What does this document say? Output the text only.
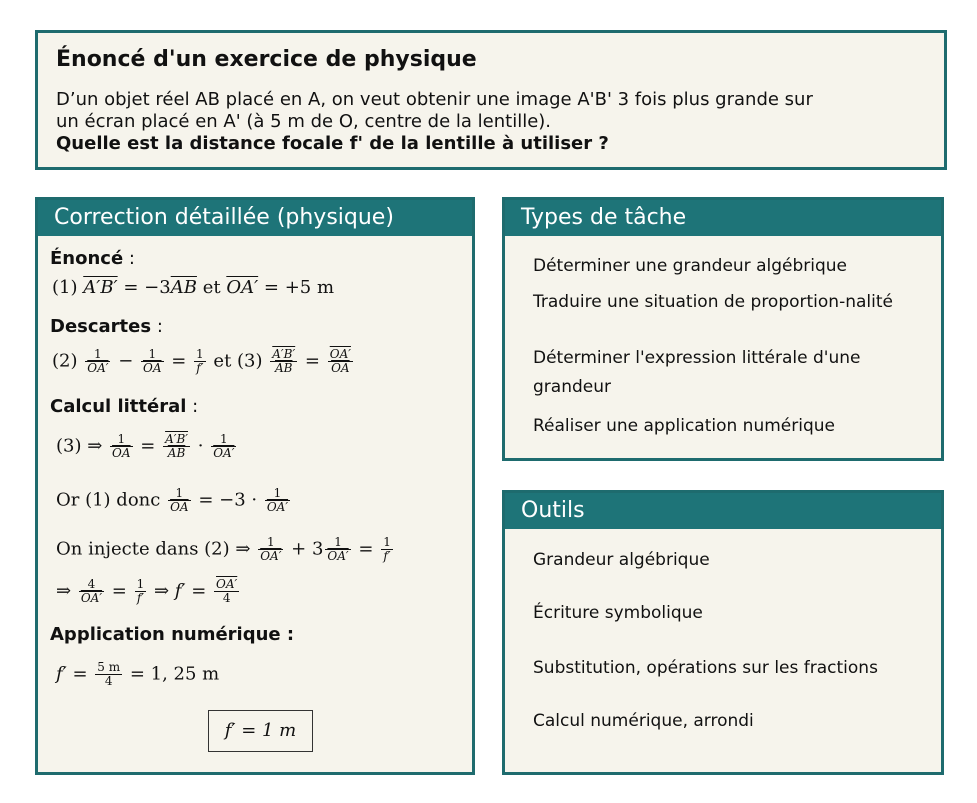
Énoncé d'un exercice de physique
D’un objet réel AB placé en A, on veut obtenir une image A'B' 3 fois plus grande sur
un écran placé en A' (à 5 m de O, centre de la lentille).
Quelle est la distance focale f' de la lentille à utiliser ?
Correction détaillée (physique)
Énoncé :
(1) $A'B' = -3\overline{AB}$ et OA′ = +5 m
Descartes :
$(2) \frac{1}{OA'} - \frac{1}{OA} = \frac{1}{f'}$ et $(3) \frac{A'B'}{AB} = \frac{OA'}{OA}$
Calcul littéral :
(3) ⇒ $\frac{1}{OA} = \frac{A'B'}{AB} \cdot \frac{1}{OA'}$
Or (1) donc $\frac{1}{OA} = -3 \cdot \frac{1}{OA'}$
On injecte dans (2) ⇒ $\frac{1}{OA'} + 3 \frac{1}{OA'} = \frac{1}{f'}$
⇒ $\frac{4}{OA'} = \frac{1}{f'}$ ⇒ $f' = \frac{OA'}{4}$
Application numérique :
$f' = \frac{5 m}{4} = 1$, 25 m
f′ = 1 m
Types de tâche
Déterminer une grandeur algébrique
Traduire une situation de proportion-nalité
Déterminer l'expression littérale d'une grandeur
Réaliser une application numérique
Outils
Grandeur algébrique
Écriture symbolique
Substitution, opérations sur les fractions
Calcul numérique, arrondi
